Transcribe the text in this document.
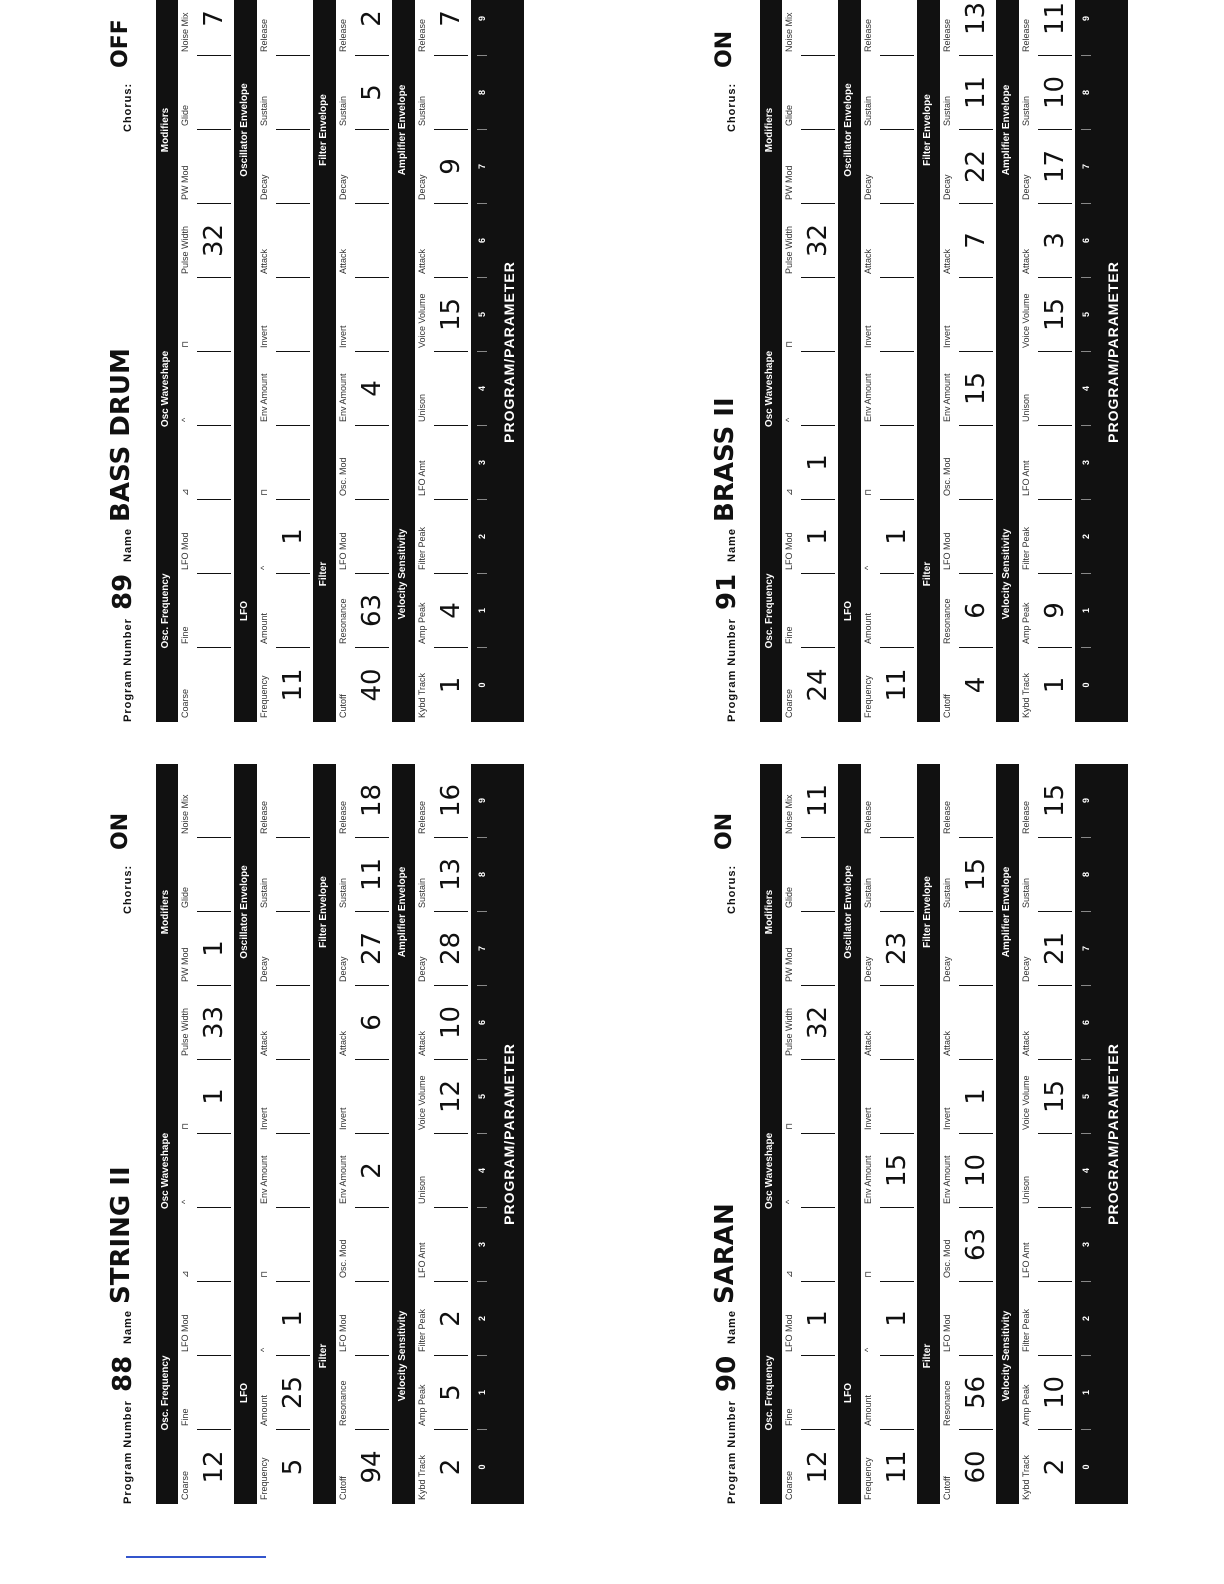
Program Number
88
Name
STRING II
Chorus:
ON
Osc. Frequency
Osc Waveshape
Modifiers
Coarse
Fine
LFO Mod
⊿
^
⊓
Pulse Width
PW Mod
Glide
Noise Mix
12
1
33
1
LFO
Oscillator Envelope
Frequency
Amount
^
⊓
Env Amount
Invert
Attack
Decay
Sustain
Release
5
25
1
Filter
Filter Envelope
Cutoff
Resonance
LFO Mod
Osc. Mod
Env Amount
Invert
Attack
Decay
Sustain
Release
94
2
6
27
11
18
Velocity Sensitivity
Amplifier Envelope
Kybd Track
Amp Peak
Filter Peak
LFO Amt
Unison
Voice Volume
Attack
Decay
Sustain
Release
2
5
2
12
10
28
13
16
0
1
2
3
4
5
6
7
8
9
PROGRAM/PARAMETER
Program Number
89
Name
BASS DRUM
Chorus:
OFF
Osc. Frequency
Osc Waveshape
Modifiers
Coarse
Fine
LFO Mod
⊿
^
⊓
Pulse Width
PW Mod
Glide
Noise Mix
32
7
LFO
Oscillator Envelope
Frequency
Amount
^
⊓
Env Amount
Invert
Attack
Decay
Sustain
Release
11
1
Filter
Filter Envelope
Cutoff
Resonance
LFO Mod
Osc. Mod
Env Amount
Invert
Attack
Decay
Sustain
Release
40
63
4
5
2
Velocity Sensitivity
Amplifier Envelope
Kybd Track
Amp Peak
Filter Peak
LFO Amt
Unison
Voice Volume
Attack
Decay
Sustain
Release
1
4
15
9
7
0
1
2
3
4
5
6
7
8
9
PROGRAM/PARAMETER
Program Number
90
Name
SARAN
Chorus:
ON
Osc. Frequency
Osc Waveshape
Modifiers
Coarse
Fine
LFO Mod
⊿
^
⊓
Pulse Width
PW Mod
Glide
Noise Mix
12
1
32
11
LFO
Oscillator Envelope
Frequency
Amount
^
⊓
Env Amount
Invert
Attack
Decay
Sustain
Release
11
1
15
23
Filter
Filter Envelope
Cutoff
Resonance
LFO Mod
Osc. Mod
Env Amount
Invert
Attack
Decay
Sustain
Release
60
56
63
10
1
15
Velocity Sensitivity
Amplifier Envelope
Kybd Track
Amp Peak
Filter Peak
LFO Amt
Unison
Voice Volume
Attack
Decay
Sustain
Release
2
10
15
21
15
0
1
2
3
4
5
6
7
8
9
PROGRAM/PARAMETER
Program Number
91
Name
BRASS II
Chorus:
ON
Osc. Frequency
Osc Waveshape
Modifiers
Coarse
Fine
LFO Mod
⊿
^
⊓
Pulse Width
PW Mod
Glide
Noise Mix
24
1
1
32
LFO
Oscillator Envelope
Frequency
Amount
^
⊓
Env Amount
Invert
Attack
Decay
Sustain
Release
11
1
Filter
Filter Envelope
Cutoff
Resonance
LFO Mod
Osc. Mod
Env Amount
Invert
Attack
Decay
Sustain
Release
4
6
15
7
22
11
13
Velocity Sensitivity
Amplifier Envelope
Kybd Track
Amp Peak
Filter Peak
LFO Amt
Unison
Voice Volume
Attack
Decay
Sustain
Release
1
9
15
3
17
10
11
0
1
2
3
4
5
6
7
8
9
PROGRAM/PARAMETER
